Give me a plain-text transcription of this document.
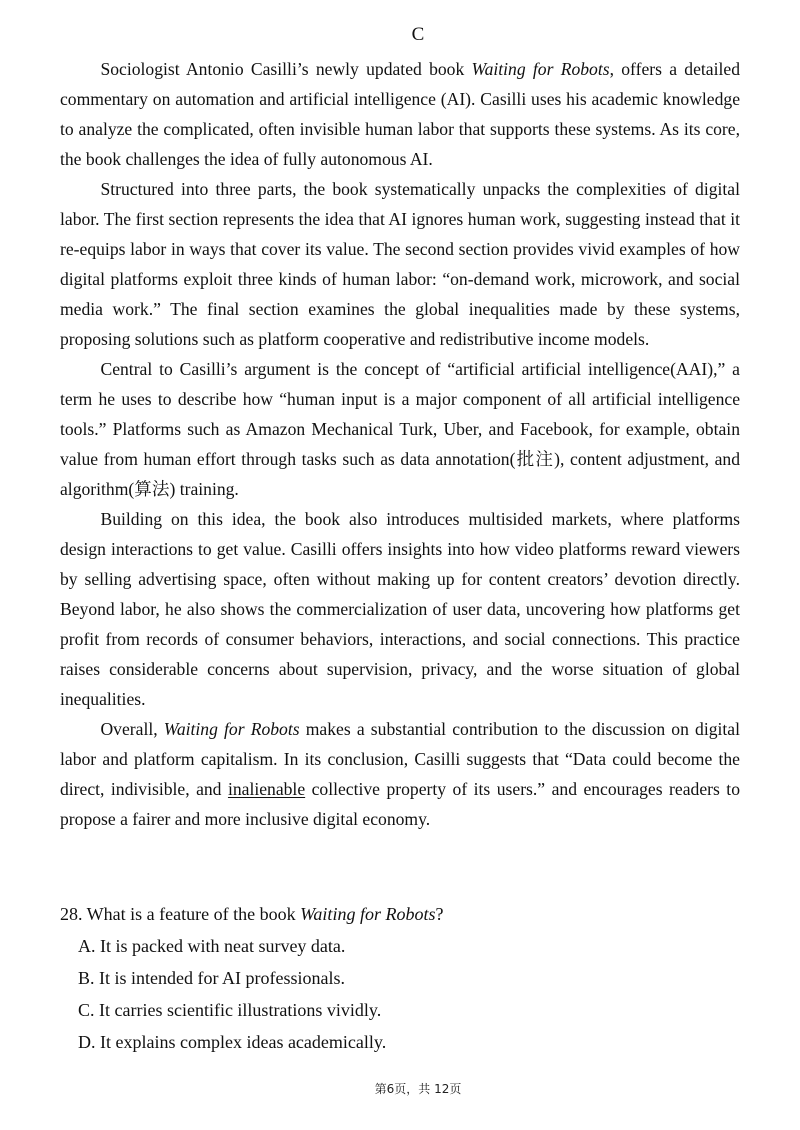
C

Sociologist Antonio Casilli’s newly updated book Waiting for Robots, offers a detailed commentary on automation and artificial intelligence (AI). Casilli uses his academic knowledge to analyze the complicated, often invisible human labor that supports these systems. As its core, the book challenges the idea of fully autonomous AI.

Structured into three parts, the book systematically unpacks the complexities of digital labor. The first section represents the idea that AI ignores human work, suggesting instead that it re-equips labor in ways that cover its value. The second section provides vivid examples of how digital platforms exploit three kinds of human labor: “on-demand work, microwork, and social media work.” The final section examines the global inequalities made by these systems, proposing solutions such as platform cooperative and redistributive income models.

Central to Casilli’s argument is the concept of “artificial artificial intelligence(AAI),” a term he uses to describe how “human input is a major component of all artificial intelligence tools.” Platforms such as Amazon Mechanical Turk, Uber, and Facebook, for example, obtain value from human effort through tasks such as data annotation(批注), content adjustment, and algorithm(算法) training.

Building on this idea, the book also introduces multisided markets, where platforms design interactions to get value. Casilli offers insights into how video platforms reward viewers by selling advertising space, often without making up for content creators’ devotion directly. Beyond labor, he also shows the commercialization of user data, uncovering how platforms get profit from records of consumer behaviors, interactions, and social connections. This practice raises considerable concerns about supervision, privacy, and the worse situation of global inequalities.

Overall, Waiting for Robots makes a substantial contribution to the discussion on digital labor and platform capitalism. In its conclusion, Casilli suggests that “Data could become the direct, indivisible, and inalienable collective property of its users.” and encourages readers to propose a fairer and more inclusive digital economy.

28. What is a feature of the book Waiting for Robots?

A. It is packed with neat survey data.
B. It is intended for AI professionals.
C. It carries scientific illustrations vividly.
D. It explains complex ideas academically.
第6页，共 12页
